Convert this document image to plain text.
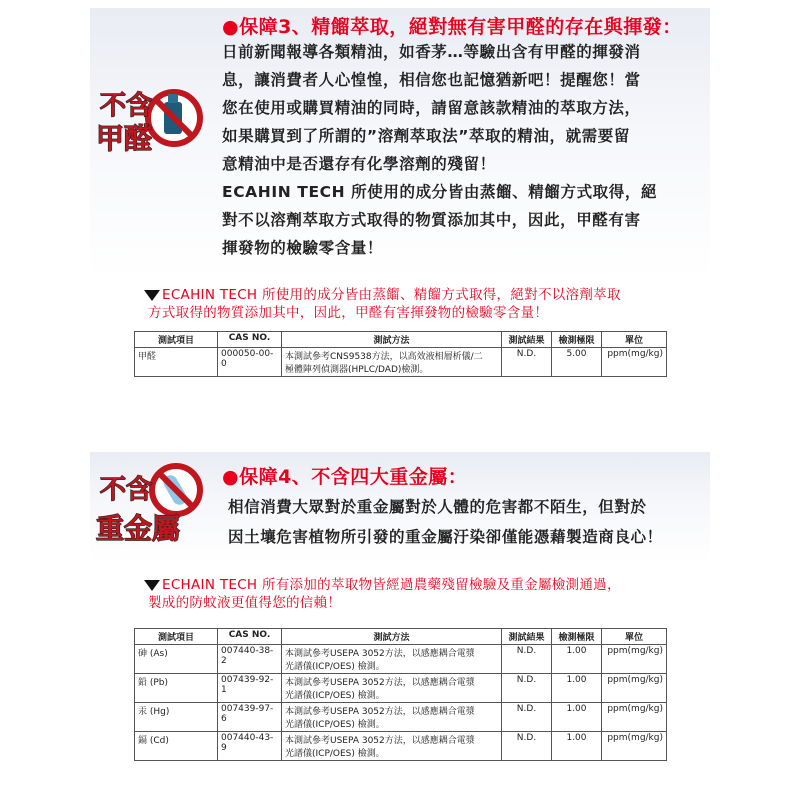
不含
甲醛
●保障3、精餾萃取，絕對無有害甲醛的存在與揮發：
日前新聞報導各類精油，如香茅…等驗出含有甲醛的揮發消
息，讓消費者人心惶惶，相信您也記憶猶新吧！提醒您！當
您在使用或購買精油的同時，請留意該款精油的萃取方法，
如果購買到了所謂的”溶劑萃取法”萃取的精油，就需要留
意精油中是否還存有化學溶劑的殘留！
ECAHIN TECH 所使用的成分皆由蒸餾、精餾方式取得，絕
對不以溶劑萃取方式取得的物質添加其中，因此，甲醛有害
揮發物的檢驗零含量！
ECAHIN TECH 所使用的成分皆由蒸餾、精餾方式取得，絕對不以溶劑萃取
方式取得的物質添加其中，因此，甲醛有害揮發物的檢驗零含量！
測試項目	CAS NO.	測試方法	測試結果	檢測極限	單位
甲醛	000050-00-0	本測試參考CNS9538方法，以高效液相層析儀/二
極體陣列偵測器(HPLC/DAD)檢測。	N.D.	5.00	ppm(mg/kg)
不含
重金屬
●保障4、不含四大重金屬：
相信消費大眾對於重金屬對於人體的危害都不陌生，但對於
因土壤危害植物所引發的重金屬汙染卻僅能憑藉製造商良心！
ECHAIN TECH 所有添加的萃取物皆經過農藥殘留檢驗及重金屬檢測通過，
製成的防蚊液更值得您的信賴！
測試項目	CAS NO.	測試方法	測試結果	檢測極限	單位
砷 (As)	007440-38-2	本測試參考USEPA 3052方法，以感應耦合電漿
光譜儀(ICP/OES) 檢測。	N.D.	1.00	ppm(mg/kg)
鉛 (Pb)	007439-92-1	本測試參考USEPA 3052方法，以感應耦合電漿
光譜儀(ICP/OES) 檢測。	N.D.	1.00	ppm(mg/kg)
汞 (Hg)	007439-97-6	本測試參考USEPA 3052方法，以感應耦合電漿
光譜儀(ICP/OES) 檢測。	N.D.	1.00	ppm(mg/kg)
鎘 (Cd)	007440-43-9	本測試參考USEPA 3052方法，以感應耦合電漿
光譜儀(ICP/OES) 檢測。	N.D.	1.00	ppm(mg/kg)
